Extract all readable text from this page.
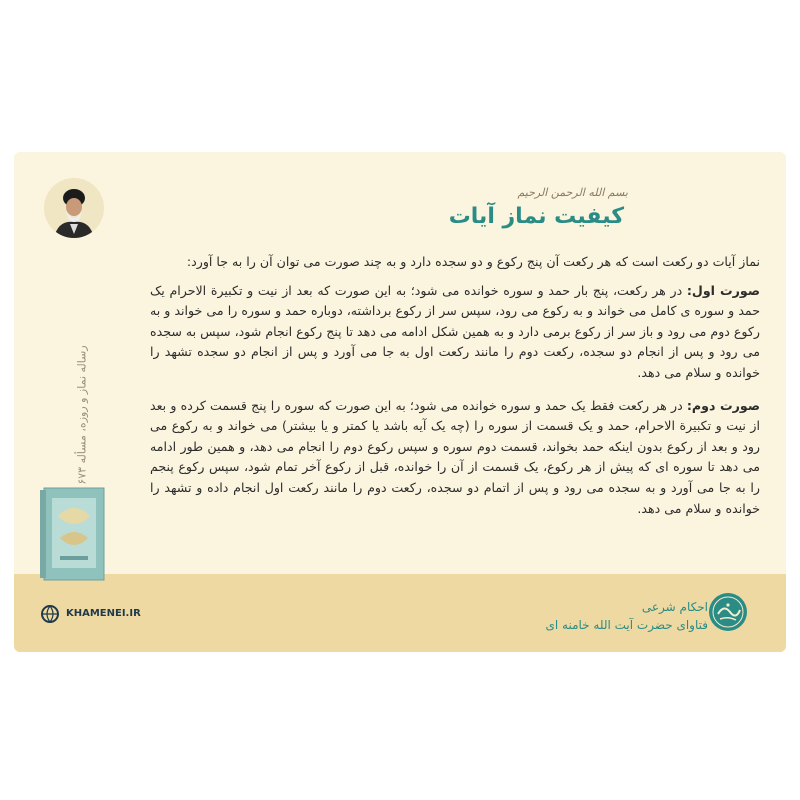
رساله نماز و روزه، مسأله ۶۷۳
KHAMENEI.IR
بسم الله الرحمن الرحیم
کیفیت نماز آیات

نماز آیات دو رکعت است که هر رکعت آن پنج رکوع و دو سجده دارد و به چند صورت می توان آن را به جا آورد:

صورت اول: در هر رکعت، پنج بار حمد و سوره خوانده می شود؛ به این صورت که بعد از نیت و تکبیرة الاحرام یک حمد و سوره ی کامل می خواند و به رکوع می رود، سپس سر از رکوع برداشته، دوباره حمد و سوره را می خواند و به رکوع دوم می رود و باز سر از رکوع برمی دارد و به همین شکل ادامه می دهد تا پنج رکوع انجام شود، سپس به سجده می رود و پس از انجام دو سجده، رکعت دوم را مانند رکعت اول به جا می آورد و پس از انجام دو سجده تشهد را خوانده و سلام می دهد.

صورت دوم: در هر رکعت فقط یک حمد و سوره خوانده می شود؛ به این صورت که سوره را پنج قسمت کرده و بعد از نیت و تکبیرة الاحرام، حمد و یک قسمت از سوره را (چه یک آیه باشد یا کمتر و یا بیشتر) می خواند و به رکوع می رود و بعد از رکوع بدون اینکه حمد بخواند، قسمت دوم سوره و سپس رکوع دوم را انجام می دهد، و همین طور ادامه می دهد تا سوره ای که پیش از هر رکوع، یک قسمت از آن را خوانده، قبل از رکوع آخر تمام شود، سپس رکوع پنجم را به جا می آورد و به سجده می رود و پس از اتمام دو سجده، رکعت دوم را مانند رکعت اول انجام داده و تشهد را خوانده و سلام می دهد.

احکام شرعی
فتاوای حضرت آیت الله خامنه ای
